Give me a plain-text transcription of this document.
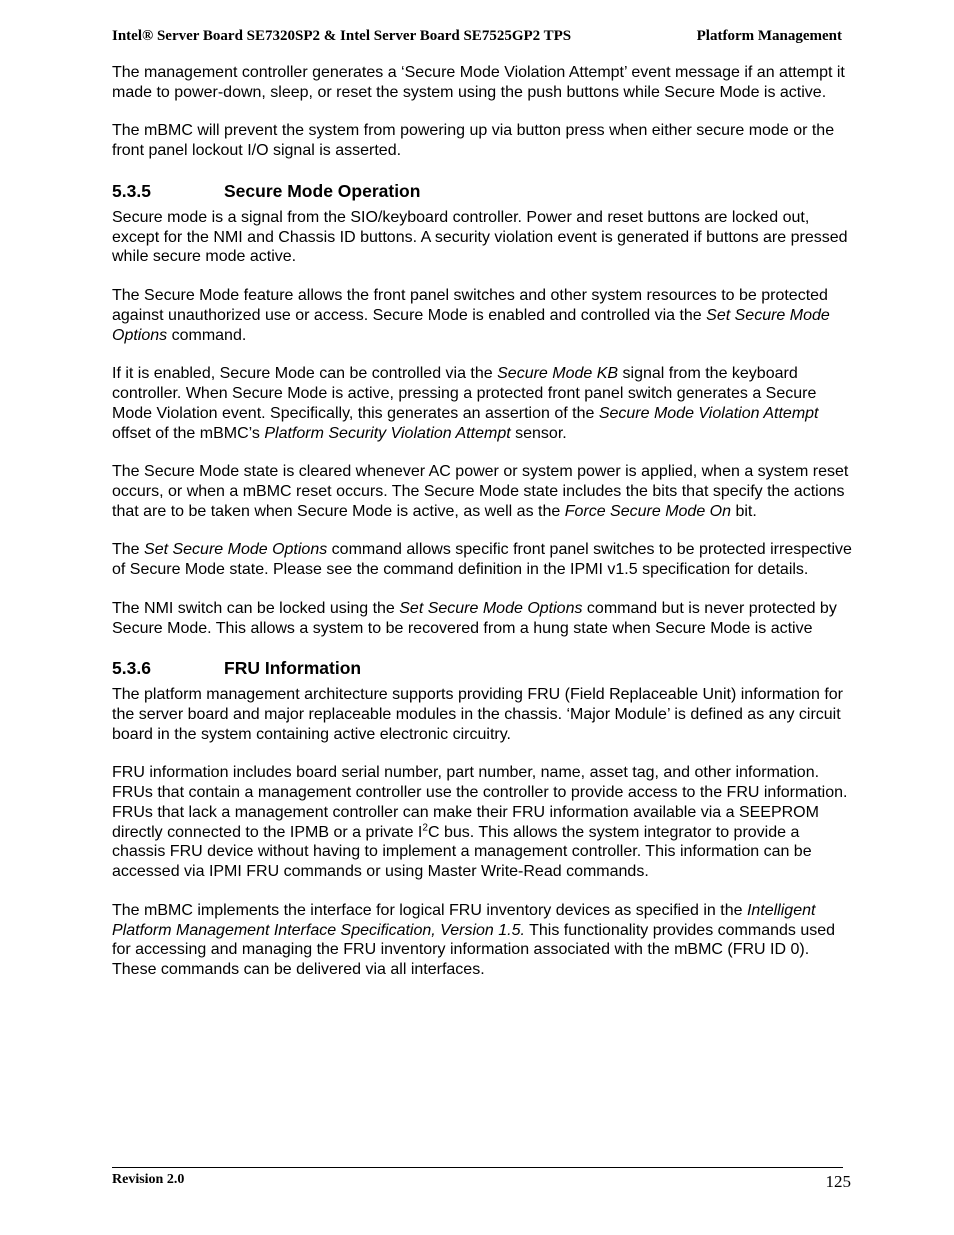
Intel® Server Board SE7320SP2 & Intel Server Board SE7525GP2 TPS	Platform Management

The management controller generates a ‘Secure Mode Violation Attempt’ event message if an attempt it made to power-down, sleep, or reset the system using the push buttons while Secure Mode is active.

The mBMC will prevent the system from powering up via button press when either secure mode or the front panel lockout I/O signal is asserted.

5.3.5	Secure Mode Operation

Secure mode is a signal from the SIO/keyboard controller. Power and reset buttons are locked out, except for the NMI and Chassis ID buttons. A security violation event is generated if buttons are pressed while secure mode active.

The Secure Mode feature allows the front panel switches and other system resources to be protected against unauthorized use or access. Secure Mode is enabled and controlled via the Set Secure Mode Options command.

If it is enabled, Secure Mode can be controlled via the Secure Mode KB signal from the keyboard controller. When Secure Mode is active, pressing a protected front panel switch generates a Secure Mode Violation event. Specifically, this generates an assertion of the Secure Mode Violation Attempt offset of the mBMC’s Platform Security Violation Attempt sensor.

The Secure Mode state is cleared whenever AC power or system power is applied, when a system reset occurs, or when a mBMC reset occurs. The Secure Mode state includes the bits that specify the actions that are to be taken when Secure Mode is active, as well as the Force Secure Mode On bit.

The Set Secure Mode Options command allows specific front panel switches to be protected irrespective of Secure Mode state. Please see the command definition in the IPMI v1.5 specification for details.

The NMI switch can be locked using the Set Secure Mode Options command but is never protected by Secure Mode. This allows a system to be recovered from a hung state when Secure Mode is active

5.3.6	FRU Information

The platform management architecture supports providing FRU (Field Replaceable Unit) information for the server board and major replaceable modules in the chassis. ‘Major Module’ is defined as any circuit board in the system containing active electronic circuitry.

FRU information includes board serial number, part number, name, asset tag, and other information. FRUs that contain a management controller use the controller to provide access to the FRU information. FRUs that lack a management controller can make their FRU information available via a SEEPROM directly connected to the IPMB or a private $I^2C$ bus. This allows the system integrator to provide a chassis FRU device without having to implement a management controller. This information can be accessed via IPMI FRU commands or using Master Write-Read commands.

The mBMC implements the interface for logical FRU inventory devices as specified in the Intelligent Platform Management Interface Specification, Version 1.5. This functionality provides commands used for accessing and managing the FRU inventory information associated with the mBMC (FRU ID 0). These commands can be delivered via all interfaces.

Revision 2.0	125
